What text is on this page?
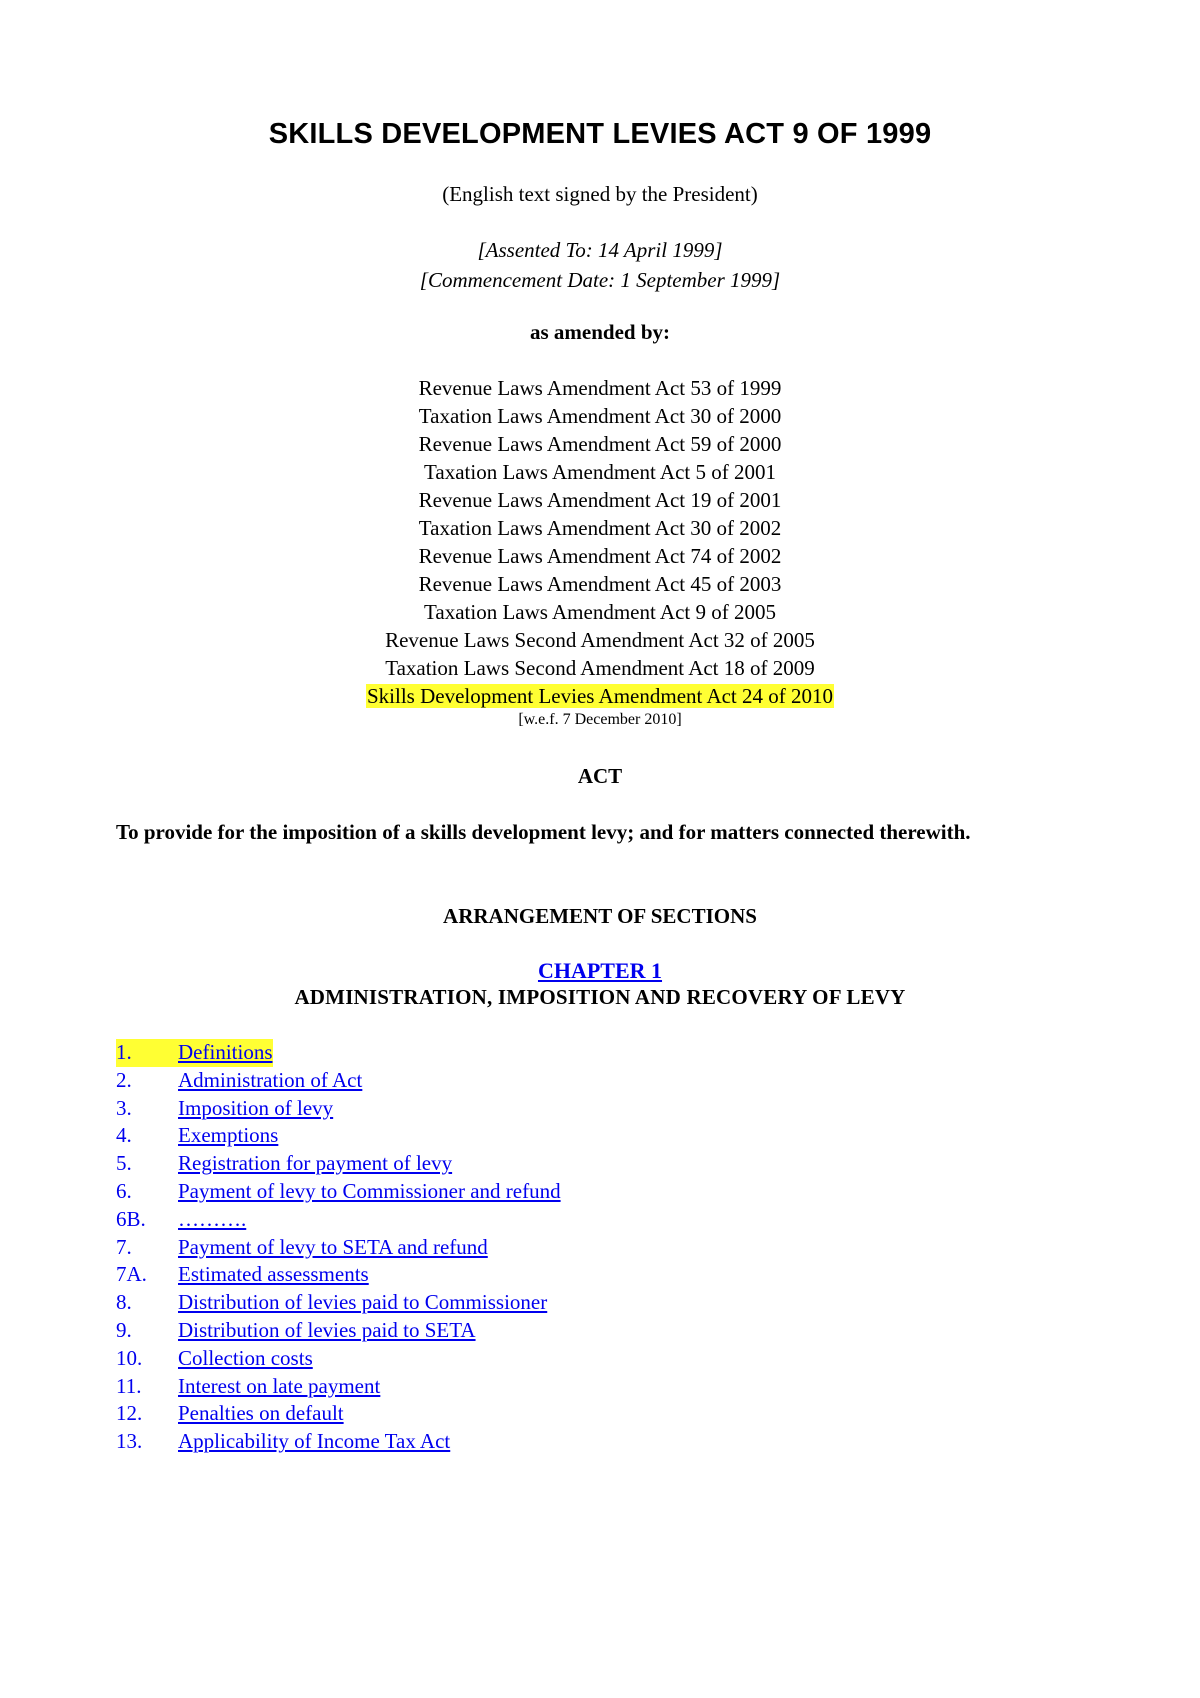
SKILLS DEVELOPMENT LEVIES ACT 9 OF 1999
(English text signed by the President)
[Assented To: 14 April 1999]
[Commencement Date: 1 September 1999]
as amended by:
Revenue Laws Amendment Act 53 of 1999
Taxation Laws Amendment Act 30 of 2000
Revenue Laws Amendment Act 59 of 2000
Taxation Laws Amendment Act 5 of 2001
Revenue Laws Amendment Act 19 of 2001
Taxation Laws Amendment Act 30 of 2002
Revenue Laws Amendment Act 74 of 2002
Revenue Laws Amendment Act 45 of 2003
Taxation Laws Amendment Act 9 of 2005
Revenue Laws Second Amendment Act 32 of 2005
Taxation Laws Second Amendment Act 18 of 2009
Skills Development Levies Amendment Act 24 of 2010
[w.e.f. 7 December 2010]
ACT

To provide for the imposition of a skills development levy; and for matters connected therewith.

ARRANGEMENT OF SECTIONS
CHAPTER 1
ADMINISTRATION, IMPOSITION AND RECOVERY OF LEVY
1. Definitions
2. Administration of Act
3. Imposition of levy
4. Exemptions
5. Registration for payment of levy
6. Payment of levy to Commissioner and refund
6B. ……….
7. Payment of levy to SETA and refund
7A. Estimated assessments
8. Distribution of levies paid to Commissioner
9. Distribution of levies paid to SETA
10. Collection costs
11. Interest on late payment
12. Penalties on default
13. Applicability of Income Tax Act
